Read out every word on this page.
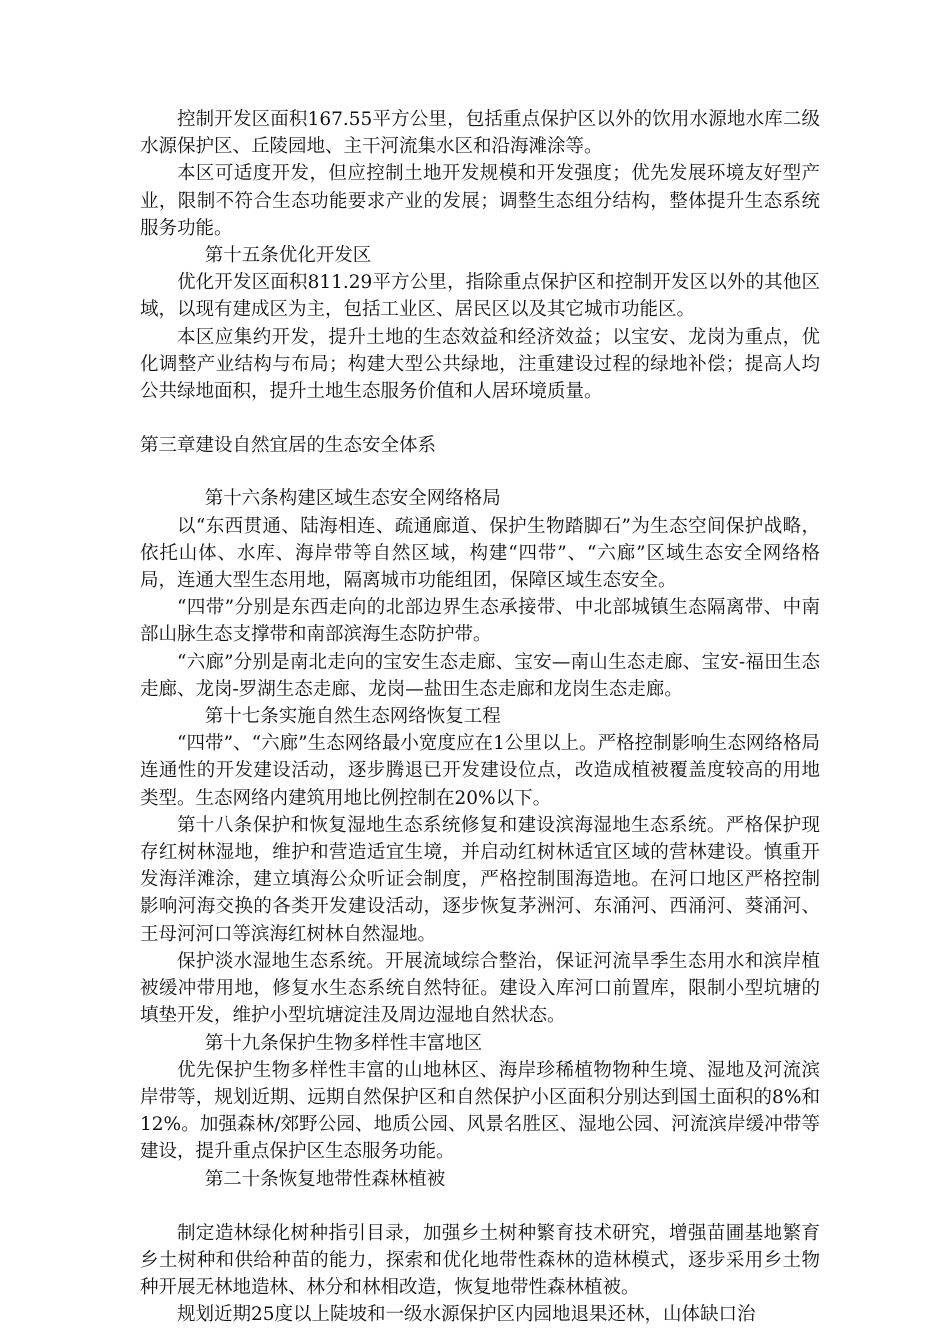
控制开发区面积167.55平方公里，包括重点保护区以外的饮用水源地水库二级水源保护区、丘陵园地、主干河流集水区和沿海滩涂等。

本区可适度开发，但应控制土地开发规模和开发强度；优先发展环境友好型产业，限制不符合生态功能要求产业的发展；调整生态组分结构，整体提升生态系统服务功能。

第十五条优化开发区

优化开发区面积811.29平方公里，指除重点保护区和控制开发区以外的其他区域，以现有建成区为主，包括工业区、居民区以及其它城市功能区。

本区应集约开发，提升土地的生态效益和经济效益；以宝安、龙岗为重点，优化调整产业结构与布局；构建大型公共绿地，注重建设过程的绿地补偿；提高人均公共绿地面积，提升土地生态服务价值和人居环境质量。

第三章建设自然宜居的生态安全体系

第十六条构建区域生态安全网络格局

以“东西贯通、陆海相连、疏通廊道、保护生物踏脚石”为生态空间保护战略，依托山体、水库、海岸带等自然区域，构建“四带”、“六廊”区域生态安全网络格局，连通大型生态用地，隔离城市功能组团，保障区域生态安全。

“四带”分别是东西走向的北部边界生态承接带、中北部城镇生态隔离带、中南部山脉生态支撑带和南部滨海生态防护带。

“六廊”分别是南北走向的宝安生态走廊、宝安—南山生态走廊、宝安-福田生态走廊、龙岗-罗湖生态走廊、龙岗—盐田生态走廊和龙岗生态走廊。

第十七条实施自然生态网络恢复工程

“四带”、“六廊”生态网络最小宽度应在1公里以上。严格控制影响生态网络格局连通性的开发建设活动，逐步腾退已开发建设位点，改造成植被覆盖度较高的用地类型。生态网络内建筑用地比例控制在20%以下。

第十八条保护和恢复湿地生态系统修复和建设滨海湿地生态系统。严格保护现存红树林湿地，维护和营造适宜生境，并启动红树林适宜区域的营林建设。慎重开发海洋滩涂，建立填海公众听证会制度，严格控制围海造地。在河口地区严格控制影响河海交换的各类开发建设活动，逐步恢复茅洲河、东涌河、西涌河、葵涌河、王母河河口等滨海红树林自然湿地。

保护淡水湿地生态系统。开展流域综合整治，保证河流旱季生态用水和滨岸植被缓冲带用地，修复水生态系统自然特征。建设入库河口前置库，限制小型坑塘的填垫开发，维护小型坑塘淀洼及周边湿地自然状态。

第十九条保护生物多样性丰富地区

优先保护生物多样性丰富的山地林区、海岸珍稀植物物种生境、湿地及河流滨岸带等，规划近期、远期自然保护区和自然保护小区面积分别达到国土面积的8%和12%。加强森林/郊野公园、地质公园、风景名胜区、湿地公园、河流滨岸缓冲带等建设，提升重点保护区生态服务功能。

第二十条恢复地带性森林植被

制定造林绿化树种指引目录，加强乡土树种繁育技术研究，增强苗圃基地繁育乡土树种和供给种苗的能力，探索和优化地带性森林的造林模式，逐步采用乡土物种开展无林地造林、林分和林相改造，恢复地带性森林植被。

规划近期25度以上陡坡和一级水源保护区内园地退果还林，山体缺口治
